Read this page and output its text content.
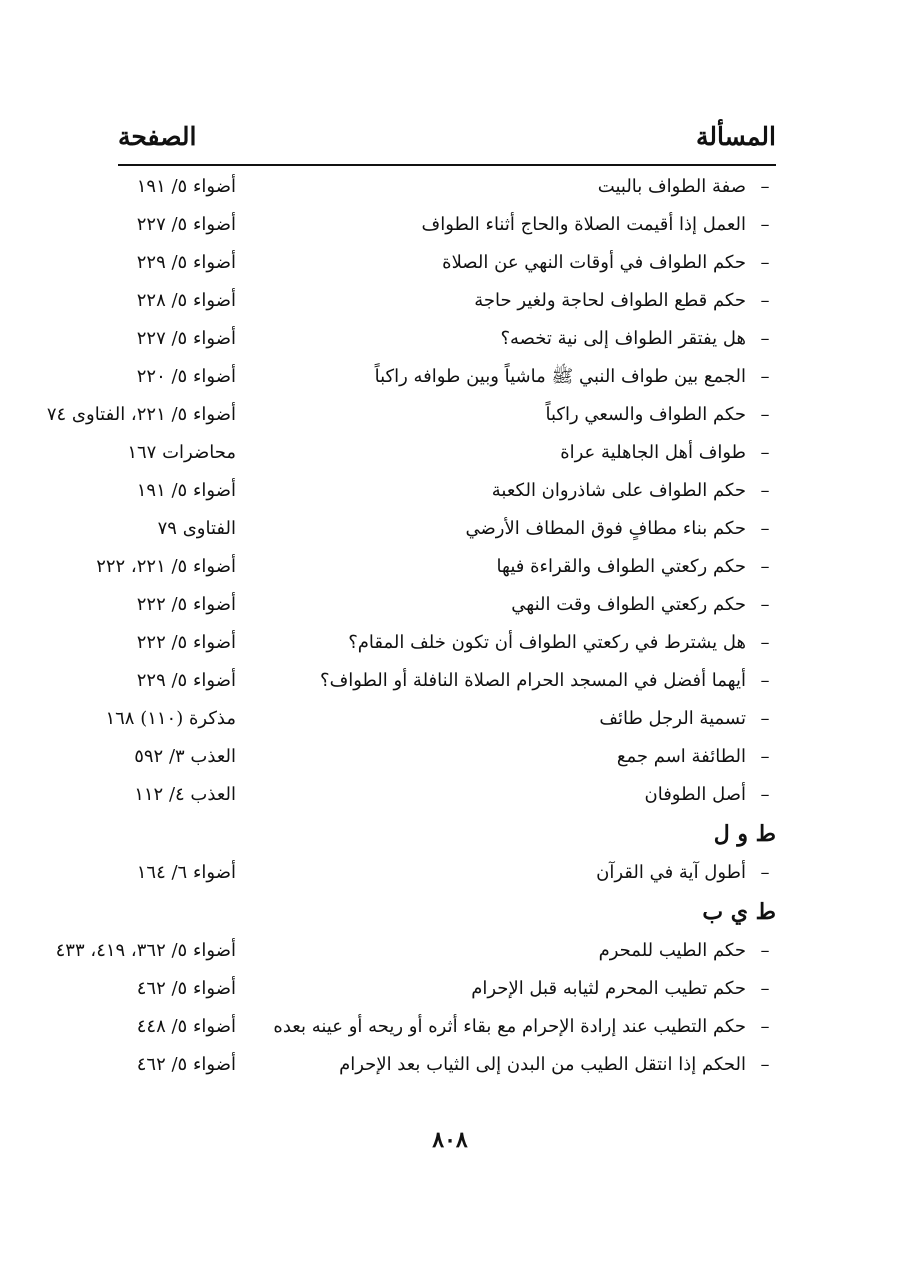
المسألة
الصفحة
–
صفة الطواف بالبيت
أضواء ٥/ ١٩١
–
العمل إذا أقيمت الصلاة والحاج أثناء الطواف
أضواء ٥/ ٢٢٧
–
حكم الطواف في أوقات النهي عن الصلاة
أضواء ٥/ ٢٢٩
–
حكم قطع الطواف لحاجة ولغير حاجة
أضواء ٥/ ٢٢٨
–
هل يفتقر الطواف إلى نية تخصه؟
أضواء ٥/ ٢٢٧
–
الجمع بين طواف النبي ﷺ ماشياً وبين طوافه راكباً
أضواء ٥/ ٢٢٠
–
حكم الطواف والسعي راكباً
أضواء ٥/ ٢٢١، الفتاوى ٧٤
–
طواف أهل الجاهلية عراة
محاضرات ١٦٧
–
حكم الطواف على شاذروان الكعبة
أضواء ٥/ ١٩١
–
حكم بناء مطافٍ فوق المطاف الأرضي
الفتاوى ٧٩
–
حكم ركعتي الطواف والقراءة فيها
أضواء ٥/ ٢٢١، ٢٢٢
–
حكم ركعتي الطواف وقت النهي
أضواء ٥/ ٢٢٢
–
هل يشترط في ركعتي الطواف أن تكون خلف المقام؟
أضواء ٥/ ٢٢٢
–
أيهما أفضل في المسجد الحرام الصلاة النافلة أو الطواف؟
أضواء ٥/ ٢٢٩
–
تسمية الرجل طائف
مذكرة (١١٠) ١٦٨
–
الطائفة اسم جمع
العذب ٣/ ٥٩٢
–
أصل الطوفان
العذب ٤/ ١١٢
ط و ل
–
أطول آية في القرآن
أضواء ٦/ ١٦٤
ط ي ب
–
حكم الطيب للمحرم
أضواء ٥/ ٣٦٢، ٤١٩، ٤٣٣
–
حكم تطيب المحرم لثيابه قبل الإحرام
أضواء ٥/ ٤٦٢
–
حكم التطيب عند إرادة الإحرام مع بقاء أثره أو ريحه أو عينه بعده
أضواء ٥/ ٤٤٨
–
الحكم إذا انتقل الطيب من البدن إلى الثياب بعد الإحرام
أضواء ٥/ ٤٦٢
٨٠٨
